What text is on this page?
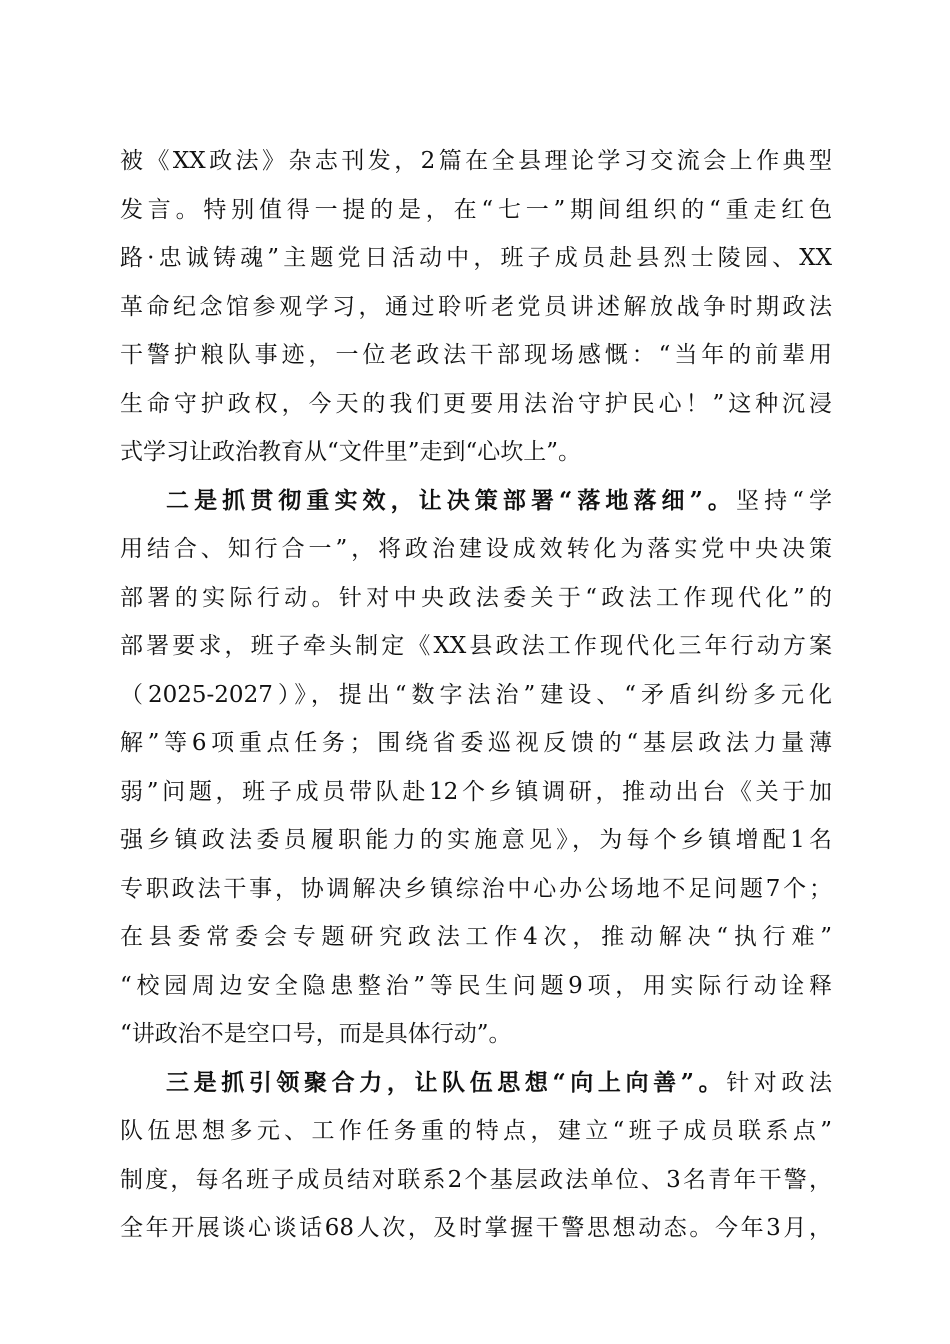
被《XX政法》杂志刊发，2篇在全县理论学习交流会上作典型
发言。特别值得一提的是，在“七一”期间组织的“重走红色
路·忠诚铸魂”主题党日活动中，班子成员赴县烈士陵园、XX
革命纪念馆参观学习，通过聆听老党员讲述解放战争时期政法
干警护粮队事迹，一位老政法干部现场感慨：“当年的前辈用
生命守护政权，今天的我们更要用法治守护民心！”这种沉浸
式学习让政治教育从“文件里”走到“心坎上”。
二是抓贯彻重实效，让决策部署“落地落细”。坚持“学
用结合、知行合一”，将政治建设成效转化为落实党中央决策
部署的实际行动。针对中央政法委关于“政法工作现代化”的
部署要求，班子牵头制定《XX县政法工作现代化三年行动方案
（2025-2027）》，提出“数字法治”建设、“矛盾纠纷多元化
解”等6项重点任务；围绕省委巡视反馈的“基层政法力量薄
弱”问题，班子成员带队赴12个乡镇调研，推动出台《关于加
强乡镇政法委员履职能力的实施意见》，为每个乡镇增配1名
专职政法干事，协调解决乡镇综治中心办公场地不足问题7个；
在县委常委会专题研究政法工作4次，推动解决“执行难”
“校园周边安全隐患整治”等民生问题9项，用实际行动诠释
“讲政治不是空口号，而是具体行动”。
三是抓引领聚合力，让队伍思想“向上向善”。针对政法
队伍思想多元、工作任务重的特点，建立“班子成员联系点”
制度，每名班子成员结对联系2个基层政法单位、3名青年干警，
全年开展谈心谈话68人次，及时掌握干警思想动态。今年3月，
